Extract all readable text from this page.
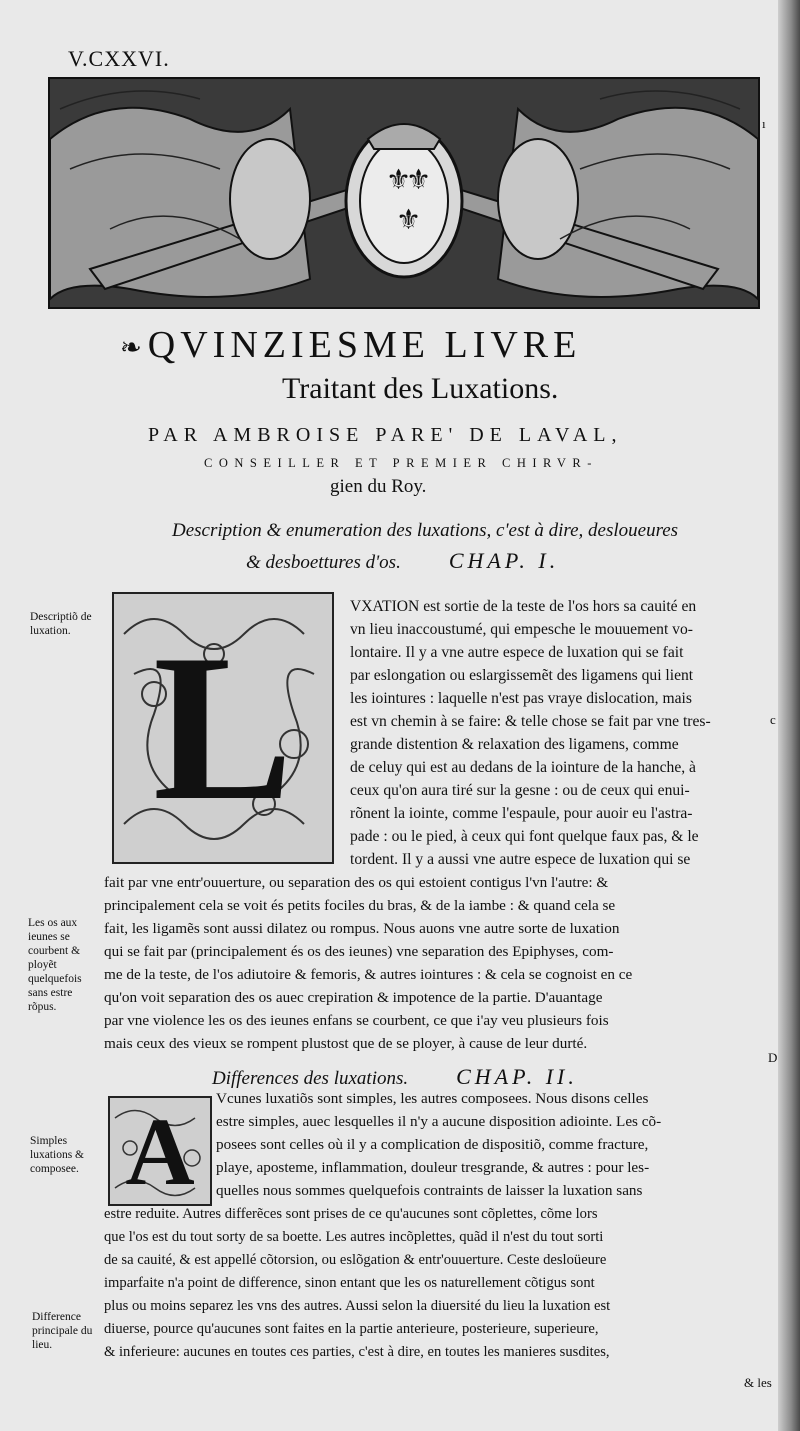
V.CXXVI.
⚜
⚜
⚜
❧ QVINZIESME LIVRE
Traitant des Luxations.
PAR AMBROISE PARE' DE LAVAL,
CONSEILLER ET PREMIER CHIRVR-
gien du Roy.
Description & enumeration des luxations, c'est à dire, desloueures
& desboettures d'os. CHAP. I.
L
Descriptiõ de luxation.
Les os aux ieunes se courbent & ployẽt quelquefois sans estre rõpus.
VXATION est sortie de la teste de l'os hors sa cauité en
vn lieu inaccoustumé, qui empesche le mouuement vo-
lontaire. Il y a vne autre espece de luxation qui se fait
par eslongation ou eslargissemẽt des ligamens qui lient
les iointures : laquelle n'est pas vraye dislocation, mais
est vn chemin à se faire: & telle chose se fait par vne tres-
grande distention & relaxation des ligamens, comme
de celuy qui est au dedans de la iointure de la hanche, à
ceux qu'on aura tiré sur la gesne : ou de ceux qui enui-
rõnent la iointe, comme l'espaule, pour auoir eu l'astra-
pade : ou le pied, à ceux qui font quelque faux pas, & le
tordent. Il y a aussi vne autre espece de luxation qui se
fait par vne entr'ouuerture, ou separation des os qui estoient contigus l'vn l'autre: &
principalement cela se voit és petits fociles du bras, & de la iambe : & quand cela se
fait, les ligamẽs sont aussi dilatez ou rompus. Nous auons vne autre sorte de luxation
qui se fait par (principalement és os des ieunes) vne separation des Epiphyses, com-
me de la teste, de l'os adiutoire & femoris, & autres iointures : & cela se cognoist en ce
qu'on voit separation des os auec crepiration & impotence de la partie. D'auantage
par vne violence les os des ieunes enfans se courbent, ce que i'ay veu plusieurs fois
mais ceux des vieux se rompent plustost que de se ployer, à cause de leur durté.
Differences des luxations. CHAP. II.
A
Simples luxations & composee.
Difference principale du lieu.
Vcunes luxatiõs sont simples, les autres composees. Nous disons celles
estre simples, auec lesquelles il n'y a aucune disposition adiointe. Les cõ-
posees sont celles où il y a complication de dispositiõ, comme fracture,
playe, aposteme, inflammation, douleur tresgrande, & autres : pour les-
quelles nous sommes quelquefois contraints de laisser la luxation sans
estre reduite. Autres differẽces sont prises de ce qu'aucunes sont cõplettes, cõme lors
que l'os est du tout sorty de sa boette. Les autres incõplettes, quãd il n'est du tout sorti
de sa cauité, & est appellé cõtorsion, ou eslõgation & entr'ouuerture. Ceste desloüeure
imparfaite n'a point de difference, sinon entant que les os naturellement cõtigus sont
plus ou moins separez les vns des autres. Aussi selon la diuersité du lieu la luxation est
diuerse, pource qu'aucunes sont faites en la partie anterieure, posterieure, superieure,
& inferieure: aucunes en toutes ces parties, c'est à dire, en toutes les manieres susdites,
& les
ı
c
D
